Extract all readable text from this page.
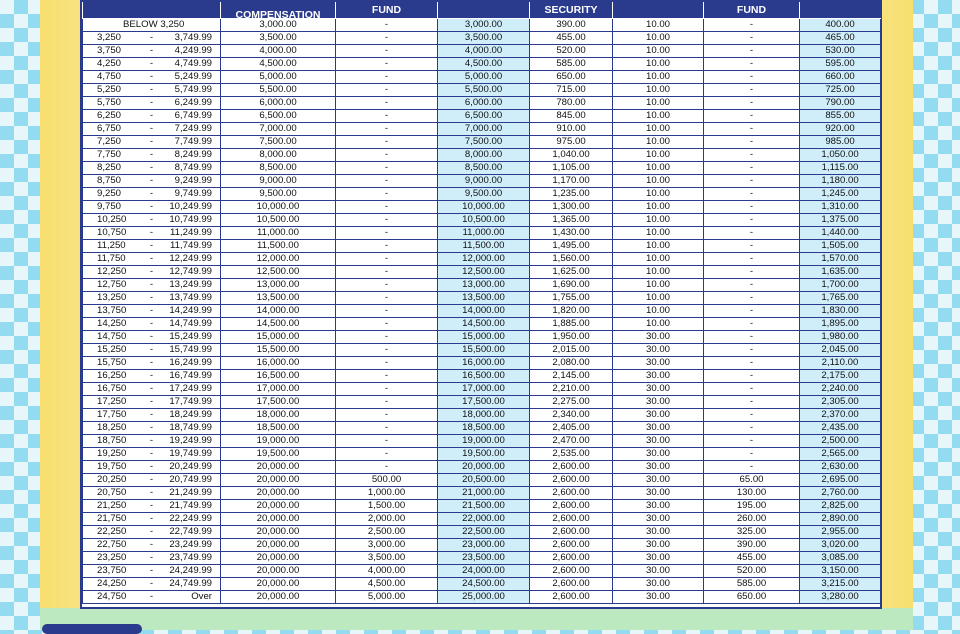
	COMPENSATION	FUND		SECURITY		FUND	

BELOW 3,250	3,000.00	-	3,000.00	390.00	10.00	-	400.00

3,250 - 3,749.99	3,500.00	-	3,500.00	455.00	10.00	-	465.00

3,750 - 4,249.99	4,000.00	-	4,000.00	520.00	10.00	-	530.00

4,250 - 4,749.99	4,500.00	-	4,500.00	585.00	10.00	-	595.00

4,750 - 5,249.99	5,000.00	-	5,000.00	650.00	10.00	-	660.00

5,250 - 5,749.99	5,500.00	-	5,500.00	715.00	10.00	-	725.00

5,750 - 6,249.99	6,000.00	-	6,000.00	780.00	10.00	-	790.00

6,250 - 6,749.99	6,500.00	-	6,500.00	845.00	10.00	-	855.00

6,750 - 7,249.99	7,000.00	-	7,000.00	910.00	10.00	-	920.00

7,250 - 7,749.99	7,500.00	-	7,500.00	975.00	10.00	-	985.00

7,750 - 8,249.99	8,000.00	-	8,000.00	1,040.00	10.00	-	1,050.00

8,250 - 8,749.99	8,500.00	-	8,500.00	1,105.00	10.00	-	1,115.00

8,750 - 9,249.99	9,000.00	-	9,000.00	1,170.00	10.00	-	1,180.00

9,250 - 9,749.99	9,500.00	-	9,500.00	1,235.00	10.00	-	1,245.00

9,750 - 10,249.99	10,000.00	-	10,000.00	1,300.00	10.00	-	1,310.00

10,250 - 10,749.99	10,500.00	-	10,500.00	1,365.00	10.00	-	1,375.00

10,750 - 11,249.99	11,000.00	-	11,000.00	1,430.00	10.00	-	1,440.00

11,250 - 11,749.99	11,500.00	-	11,500.00	1,495.00	10.00	-	1,505.00

11,750 - 12,249.99	12,000.00	-	12,000.00	1,560.00	10.00	-	1,570.00

12,250 - 12,749.99	12,500.00	-	12,500.00	1,625.00	10.00	-	1,635.00

12,750 - 13,249.99	13,000.00	-	13,000.00	1,690.00	10.00	-	1,700.00

13,250 - 13,749.99	13,500.00	-	13,500.00	1,755.00	10.00	-	1,765.00

13,750 - 14,249.99	14,000.00	-	14,000.00	1,820.00	10.00	-	1,830.00

14,250 - 14,749.99	14,500.00	-	14,500.00	1,885.00	10.00	-	1,895.00

14,750 - 15,249.99	15,000.00	-	15,000.00	1,950.00	30.00	-	1,980.00

15,250 - 15,749.99	15,500.00	-	15,500.00	2,015.00	30.00	-	2,045.00

15,750 - 16,249.99	16,000.00	-	16,000.00	2,080.00	30.00	-	2,110.00

16,250 - 16,749.99	16,500.00	-	16,500.00	2,145.00	30.00	-	2,175.00

16,750 - 17,249.99	17,000.00	-	17,000.00	2,210.00	30.00	-	2,240.00

17,250 - 17,749.99	17,500.00	-	17,500.00	2,275.00	30.00	-	2,305.00

17,750 - 18,249.99	18,000.00	-	18,000.00	2,340.00	30.00	-	2,370.00

18,250 - 18,749.99	18,500.00	-	18,500.00	2,405.00	30.00	-	2,435.00

18,750 - 19,249.99	19,000.00	-	19,000.00	2,470.00	30.00	-	2,500.00

19,250 - 19,749.99	19,500.00	-	19,500.00	2,535.00	30.00	-	2,565.00

19,750 - 20,249.99	20,000.00	-	20,000.00	2,600.00	30.00	-	2,630.00

20,250 - 20,749.99	20,000.00	500.00	20,500.00	2,600.00	30.00	65.00	2,695.00

20,750 - 21,249.99	20,000.00	1,000.00	21,000.00	2,600.00	30.00	130.00	2,760.00

21,250 - 21,749.99	20,000.00	1,500.00	21,500.00	2,600.00	30.00	195.00	2,825.00

21,750 - 22,249.99	20,000.00	2,000.00	22,000.00	2,600.00	30.00	260.00	2,890.00

22,250 - 22,749.99	20,000.00	2,500.00	22,500.00	2,600.00	30.00	325.00	2,955.00

22,750 - 23,249.99	20,000.00	3,000.00	23,000.00	2,600.00	30.00	390.00	3,020.00

23,250 - 23,749.99	20,000.00	3,500.00	23,500.00	2,600.00	30.00	455.00	3,085.00

23,750 - 24,249.99	20,000.00	4,000.00	24,000.00	2,600.00	30.00	520.00	3,150.00

24,250 - 24,749.99	20,000.00	4,500.00	24,500.00	2,600.00	30.00	585.00	3,215.00

24,750 - Over	20,000.00	5,000.00	25,000.00	2,600.00	30.00	650.00	3,280.00
